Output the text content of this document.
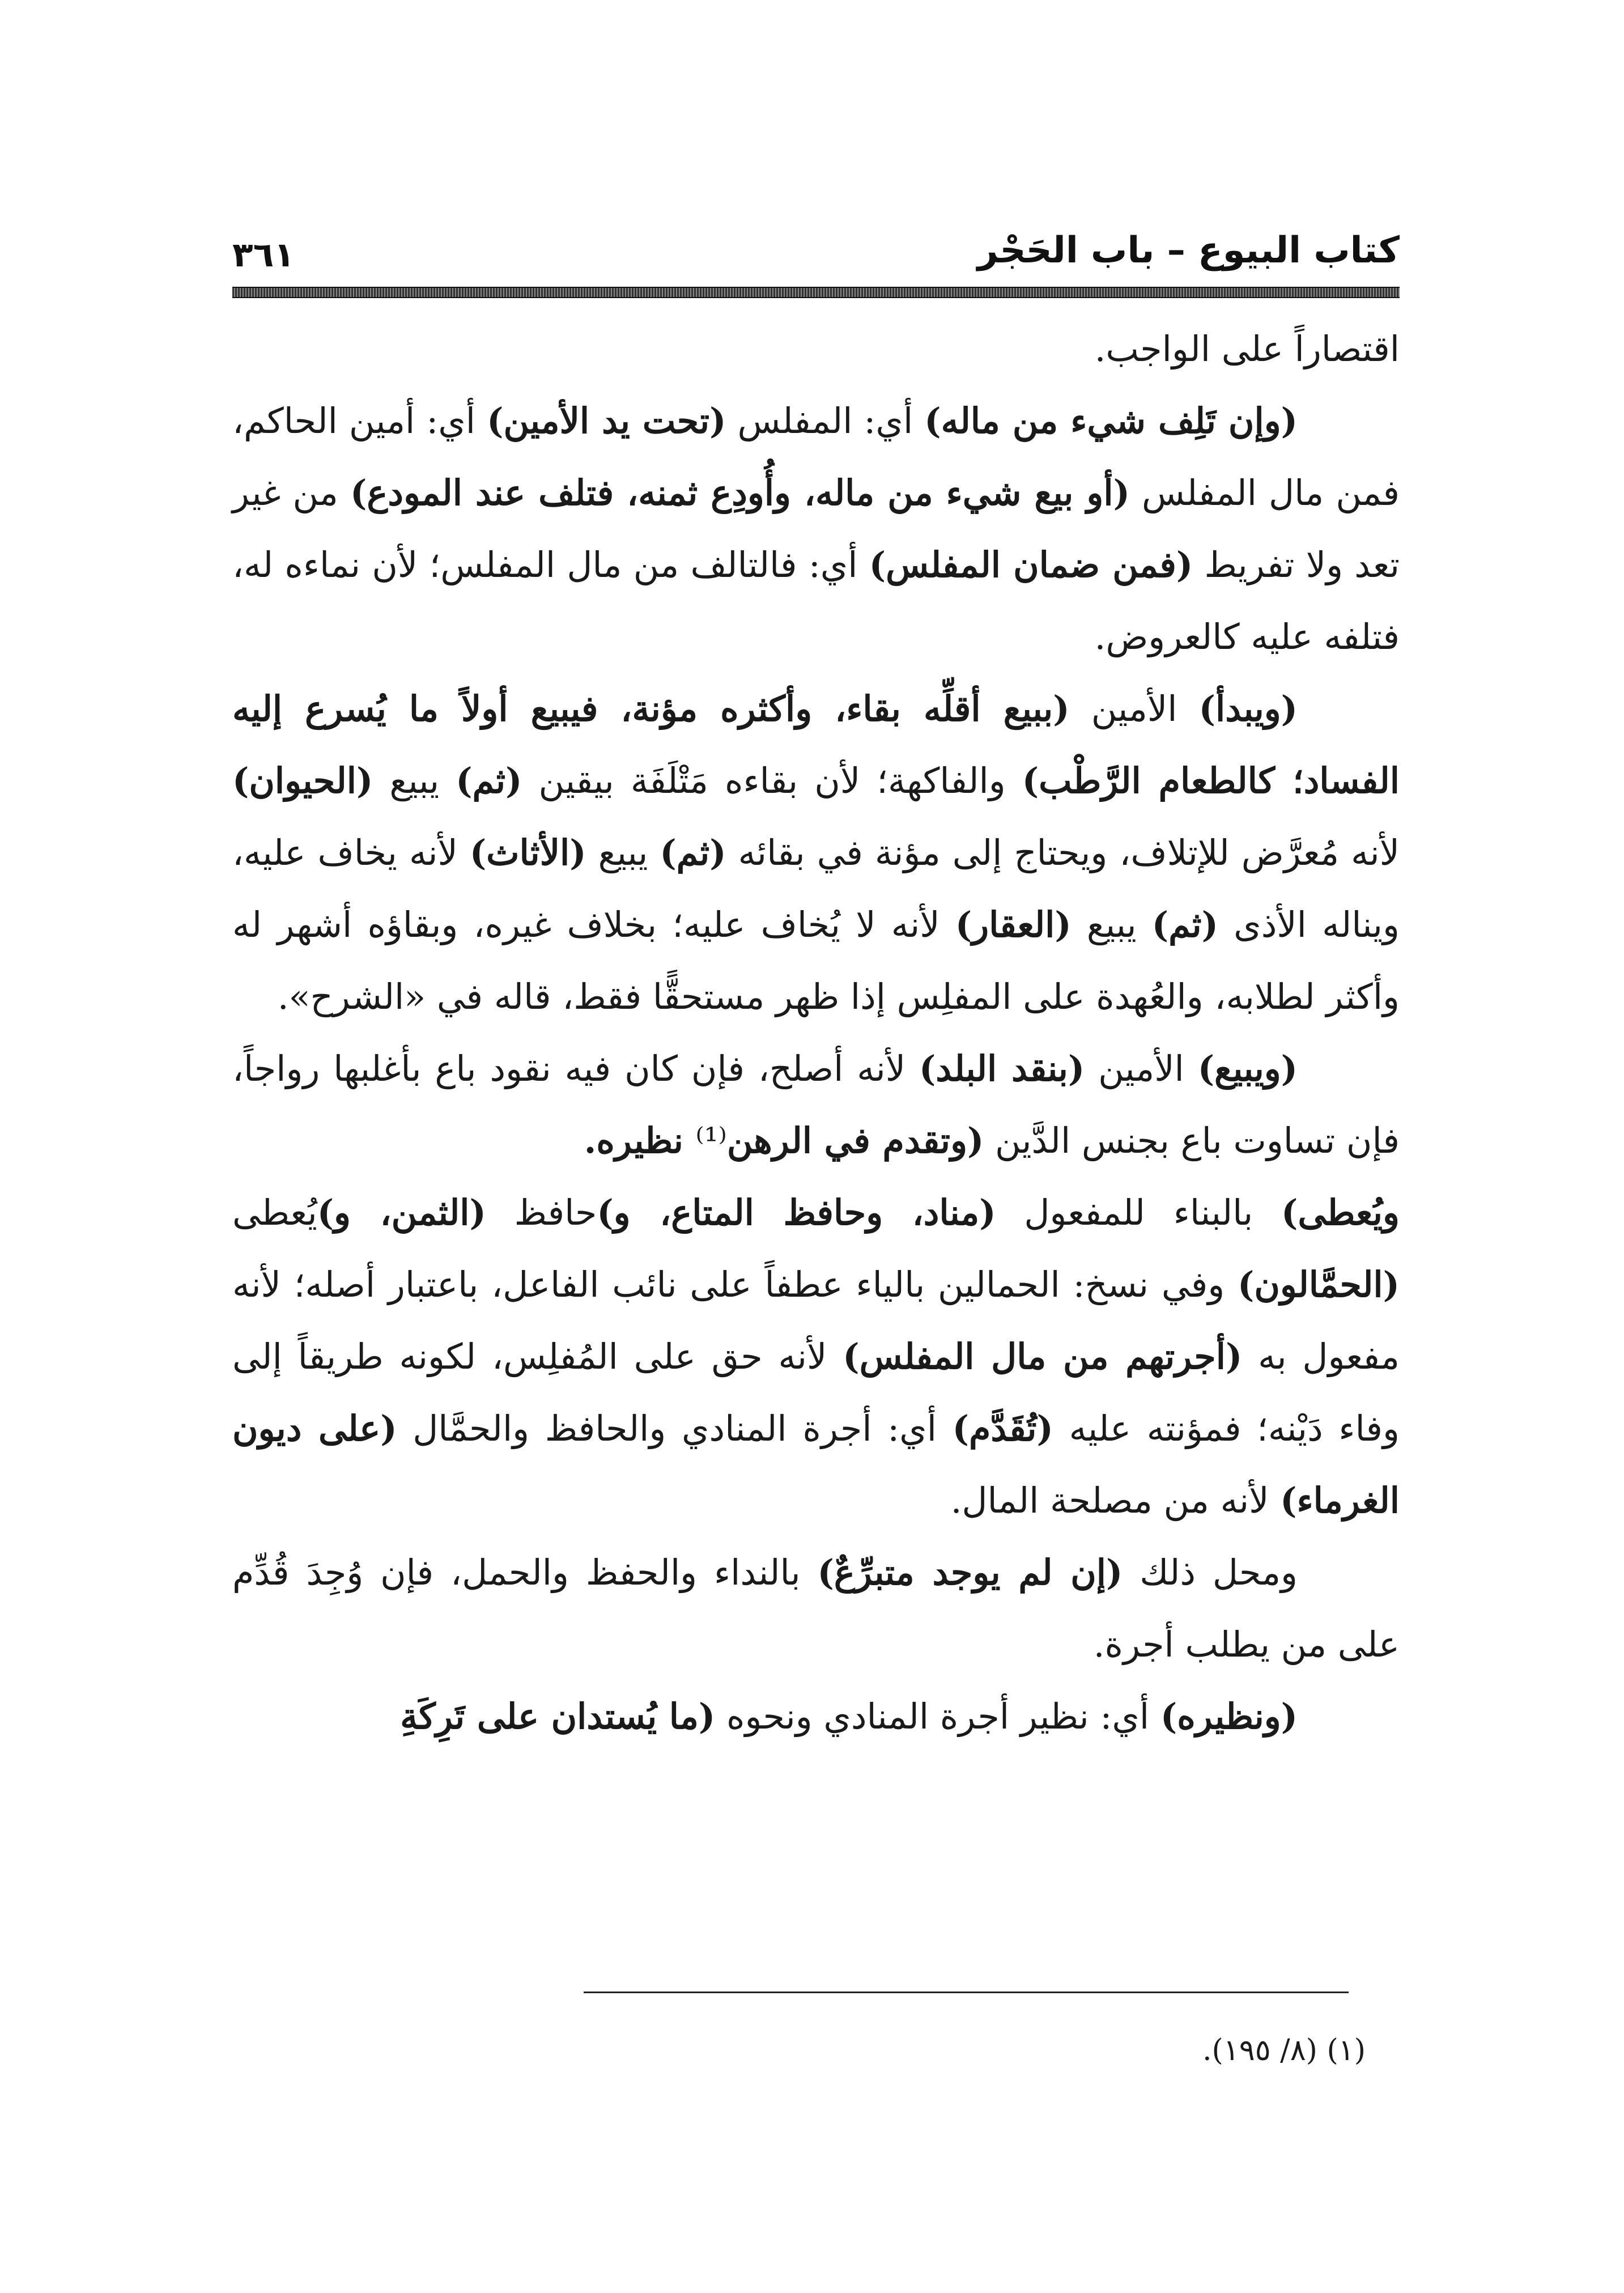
كتاب البيوع – باب الحَجْر
٣٦١

اقتصاراً على الواجب.

(وإن تَلِف شيء من ماله) أي: المفلس (تحت يد الأمين) أي: أمين الحاكم، فمن مال المفلس (أو بيع شيء من ماله، وأُودِع ثمنه، فتلف عند المودع) من غير تعد ولا تفريط (فمن ضمان المفلس) أي: فالتالف من مال المفلس؛ لأن نماءه له، فتلفه عليه كالعروض.

(ويبدأ) الأمين (ببيع أقلِّه بقاء، وأكثره مؤنة، فيبيع أولاً ما يُسرع إليه الفساد؛ كالطعام الرَّطْب) والفاكهة؛ لأن بقاءه مَتْلَفَة بيقين (ثم) يبيع (الحيوان) لأنه مُعرَّض للإتلاف، ويحتاج إلى مؤنة في بقائه (ثم) يبيع (الأثاث) لأنه يخاف عليه، ويناله الأذى (ثم) يبيع (العقار) لأنه لا يُخاف عليه؛ بخلاف غيره، وبقاؤه أشهر له وأكثر لطلابه، والعُهدة على المفلِس إذا ظهر مستحقًّا فقط، قاله في «الشرح».

(ويبيع) الأمين (بنقد البلد) لأنه أصلح، فإن كان فيه نقود باع بأغلبها رواجاً، فإن تساوت باع بجنس الدَّين (وتقدم في الرهن⁽¹⁾ نظيره.

ويُعطى) بالبناء للمفعول (مناد، وحافظ المتاع، و)حافظ (الثمن، و)يُعطى (الحمَّالون) وفي نسخ: الحمالين بالياء عطفاً على نائب الفاعل، باعتبار أصله؛ لأنه مفعول به (أجرتهم من مال المفلس) لأنه حق على المُفلِس، لكونه طريقاً إلى وفاء دَيْنه؛ فمؤنته عليه (تُقَدَّم) أي: أجرة المنادي والحافظ والحمَّال (على ديون الغرماء) لأنه من مصلحة المال.

ومحل ذلك (إن لم يوجد متبرِّعٌ) بالنداء والحفظ والحمل، فإن وُجِدَ قُدِّم على من يطلب أجرة.

(ونظيره) أي: نظير أجرة المنادي ونحوه (ما يُستدان على تَرِكَةِ

(١) (٨/ ١٩٥).
